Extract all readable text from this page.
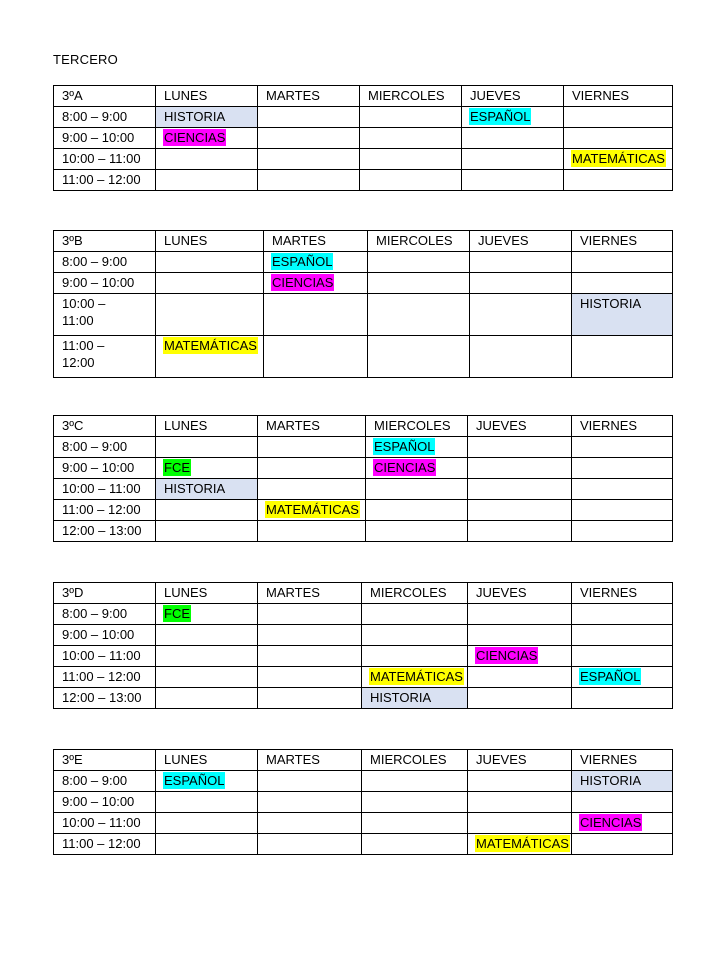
TERCERO
3ºA	LUNES	MARTES	MIERCOLES	JUEVES	VIERNES
8:00 – 9:00	HISTORIA			ESPAÑOL	
9:00 – 10:00	CIENCIAS				
10:00 – 11:00					MATEMÁTICAS
11:00 – 12:00					
3ºB	LUNES	MARTES	MIERCOLES	JUEVES	VIERNES
8:00 – 9:00		ESPAÑOL			
9:00 – 10:00		CIENCIAS			
10:00 – 11:00					HISTORIA
11:00 – 12:00	MATEMÁTICAS				
3ºC	LUNES	MARTES	MIERCOLES	JUEVES	VIERNES
8:00 – 9:00			ESPAÑOL		
9:00 – 10:00	FCE		CIENCIAS		
10:00 – 11:00	HISTORIA				
11:00 – 12:00		MATEMÁTICAS			
12:00 – 13:00					
3ºD	LUNES	MARTES	MIERCOLES	JUEVES	VIERNES
8:00 – 9:00	FCE				
9:00 – 10:00					
10:00 – 11:00				CIENCIAS	
11:00 – 12:00			MATEMÁTICAS		ESPAÑOL
12:00 – 13:00			HISTORIA		
3ºE	LUNES	MARTES	MIERCOLES	JUEVES	VIERNES
8:00 – 9:00	ESPAÑOL				HISTORIA
9:00 – 10:00					
10:00 – 11:00					CIENCIAS
11:00 – 12:00				MATEMÁTICAS	
